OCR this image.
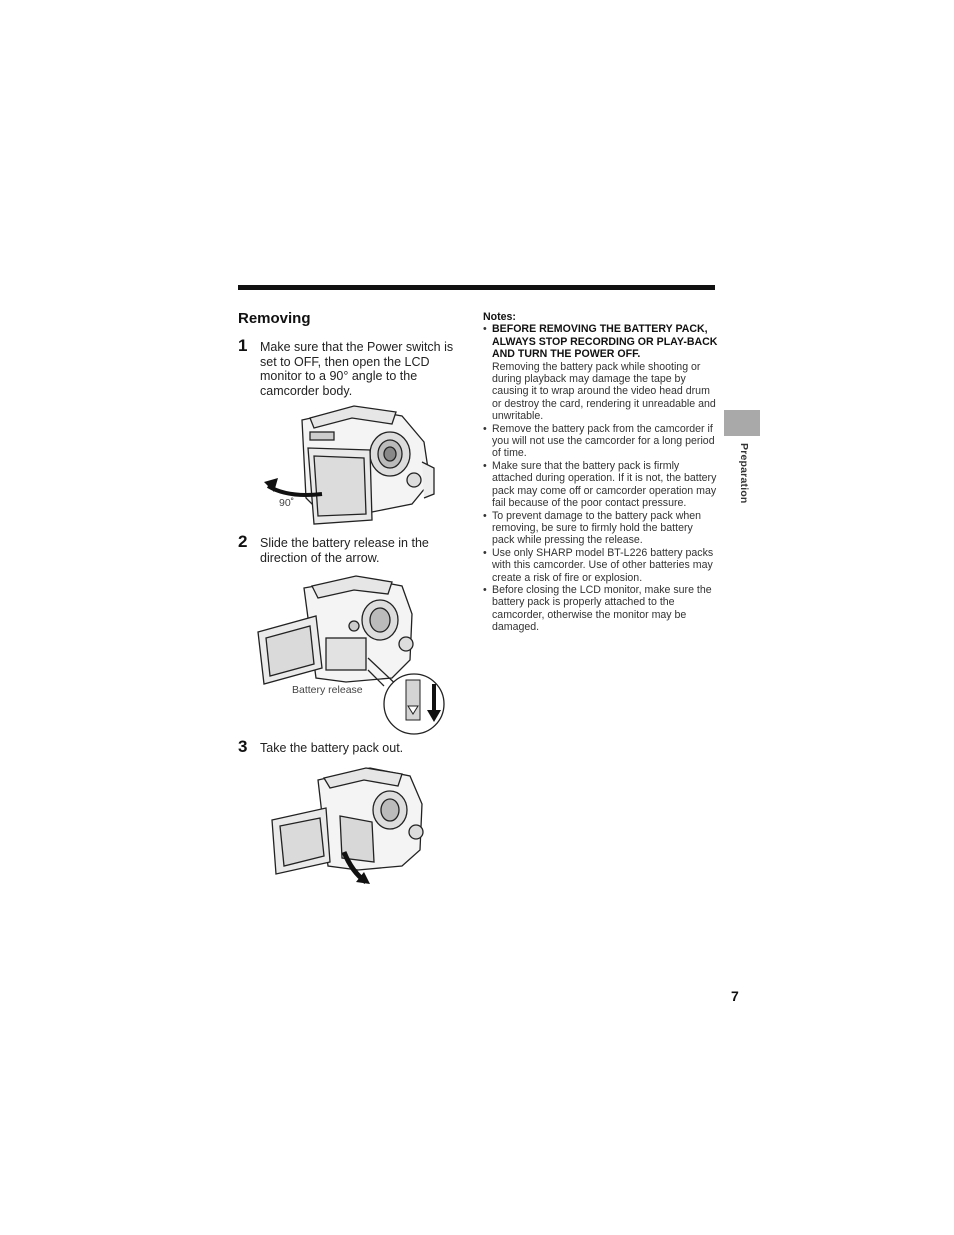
Removing
1 Make sure that the Power switch is set to OFF, then open the LCD monitor to a 90° angle to the camcorder body.
90˚
2 Slide the battery release in the direction of the arrow.
Battery release
3 Take the battery pack out.
Notes:
• BEFORE REMOVING THE BATTERY PACK, ALWAYS STOP RECORDING OR PLAY-BACK AND TURN THE POWER OFF.
Removing the battery pack while shooting or during playback may damage the tape by causing it to wrap around the video head drum or destroy the card, rendering it unreadable and unwritable.
• Remove the battery pack from the camcorder if you will not use the camcorder for a long period of time.
• Make sure that the battery pack is firmly attached during operation. If it is not, the battery pack may come off or camcorder operation may fail because of the poor contact pressure.
• To prevent damage to the battery pack when removing, be sure to firmly hold the battery pack while pressing the release.
• Use only SHARP model BT-L226 battery packs with this camcorder. Use of other batteries may create a risk of fire or explosion.
• Before closing the LCD monitor, make sure the battery pack is properly attached to the camcorder, otherwise the monitor may be damaged.
Preparation
7
